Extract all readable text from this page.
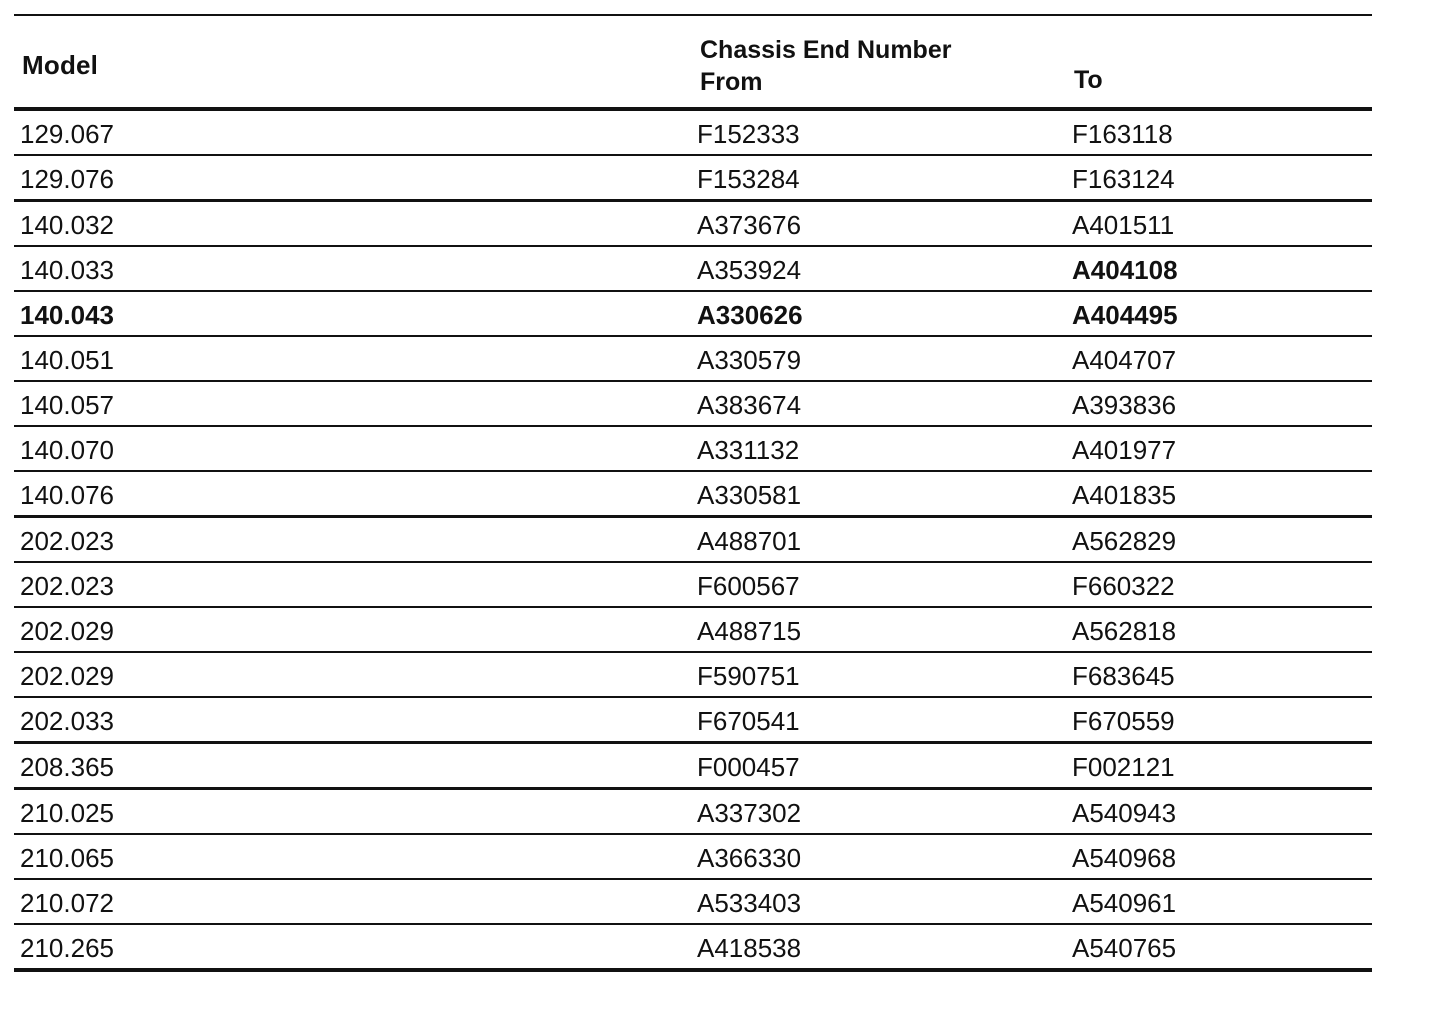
Model	Chassis End Number
From	To
129.067	F152333	F163118
129.076	F153284	F163124
140.032	A373676	A401511
140.033	A353924	A404108
140.043	A330626	A404495
140.051	A330579	A404707
140.057	A383674	A393836
140.070	A331132	A401977
140.076	A330581	A401835
202.023	A488701	A562829
202.023	F600567	F660322
202.029	A488715	A562818
202.029	F590751	F683645
202.033	F670541	F670559
208.365	F000457	F002121
210.025	A337302	A540943
210.065	A366330	A540968
210.072	A533403	A540961
210.265	A418538	A540765
